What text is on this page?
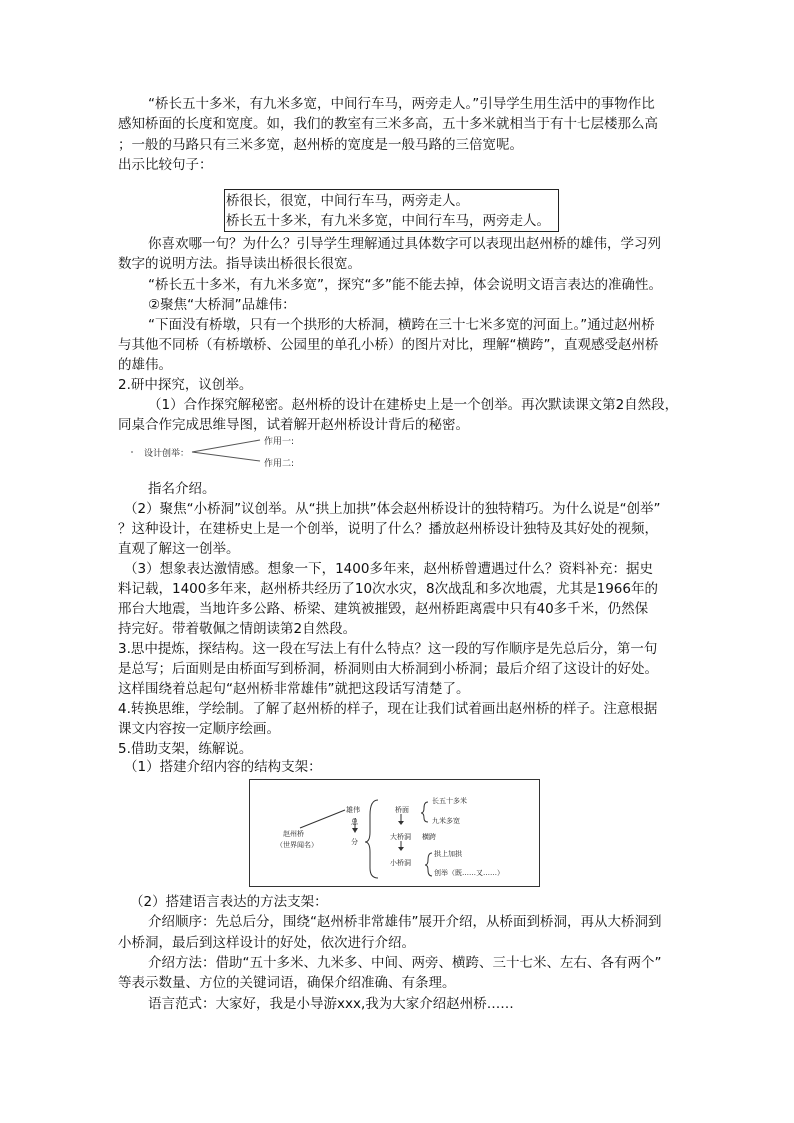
“桥长五十多米，有九米多宽，中间行车马，两旁走人。”引导学生用生活中的事物作比
感知桥面的长度和宽度。如，我们的教室有三米多高，五十多米就相当于有十七层楼那么高
；一般的马路只有三米多宽，赵州桥的宽度是一般马路的三倍宽呢。
出示比较句子：
桥很长，很宽，中间行车马，两旁走人。
桥长五十多米，有九米多宽，中间行车马，两旁走人。
你喜欢哪一句？为什么？引导学生理解通过具体数字可以表现出赵州桥的雄伟，学习列
数字的说明方法。指导读出桥很长很宽。
“桥长五十多米，有九米多宽”，探究“多”能不能去掉，体会说明文语言表达的准确性。
②聚焦“大桥洞”品雄伟：
“下面没有桥墩，只有一个拱形的大桥洞，横跨在三十七米多宽的河面上。”通过赵州桥
与其他不同桥（有桥墩桥、公园里的单孔小桥）的图片对比，理解“横跨”，直观感受赵州桥
的雄伟。
2.研中探究，议创举。
（1）合作探究解秘密。赵州桥的设计在建桥史上是一个创举。再次默读课文第2自然段，
同桌合作完成思维导图，试着解开赵州桥设计背后的秘密。
设计创举：
作用一:
作用二:
指名介绍。
（2）聚焦“小桥洞”议创举。从“拱上加拱”体会赵州桥设计的独特精巧。为什么说是“创举”
？这种设计，在建桥史上是一个创举，说明了什么？播放赵州桥设计独特及其好处的视频，
直观了解这一创举。
（3）想象表达激情感。想象一下，1400多年来，赵州桥曾遭遇过什么？资料补充：据史
料记载，1400多年来，赵州桥共经历了10次水灾，8次战乱和多次地震，尤其是1966年的
邢台大地震，当地许多公路、桥梁、建筑被摧毁，赵州桥距离震中只有40多千米，仍然保
持完好。带着敬佩之情朗读第2自然段。
3.思中提炼，探结构。这一段在写法上有什么特点？这一段的写作顺序是先总后分，第一句
是总写；后面则是由桥面写到桥洞，桥洞则由大桥洞到小桥洞；最后介绍了这设计的好处。
这样围绕着总起句“赵州桥非常雄伟”就把这段话写清楚了。
4.转换思维，学绘制。了解了赵州桥的样子，现在让我们试着画出赵州桥的样子。注意根据
课文内容按一定顺序绘画。
5.借助支架，练解说。
（1）搭建介绍内容的结构支架：
赵州桥
（世界闻名）
雄伟
总
分
桥面
长五十多米
九米多宽
大桥洞 横跨
小桥洞
拱上加拱
创举（既……又……）
（2）搭建语言表达的方法支架：
介绍顺序：先总后分，围绕“赵州桥非常雄伟”展开介绍，从桥面到桥洞，再从大桥洞到
小桥洞，最后到这样设计的好处，依次进行介绍。
介绍方法：借助“五十多米、九米多、中间、两旁、横跨、三十七米、左右、各有两个”
等表示数量、方位的关键词语，确保介绍准确、有条理。
语言范式：大家好，我是小导游xxx,我为大家介绍赵州桥……
